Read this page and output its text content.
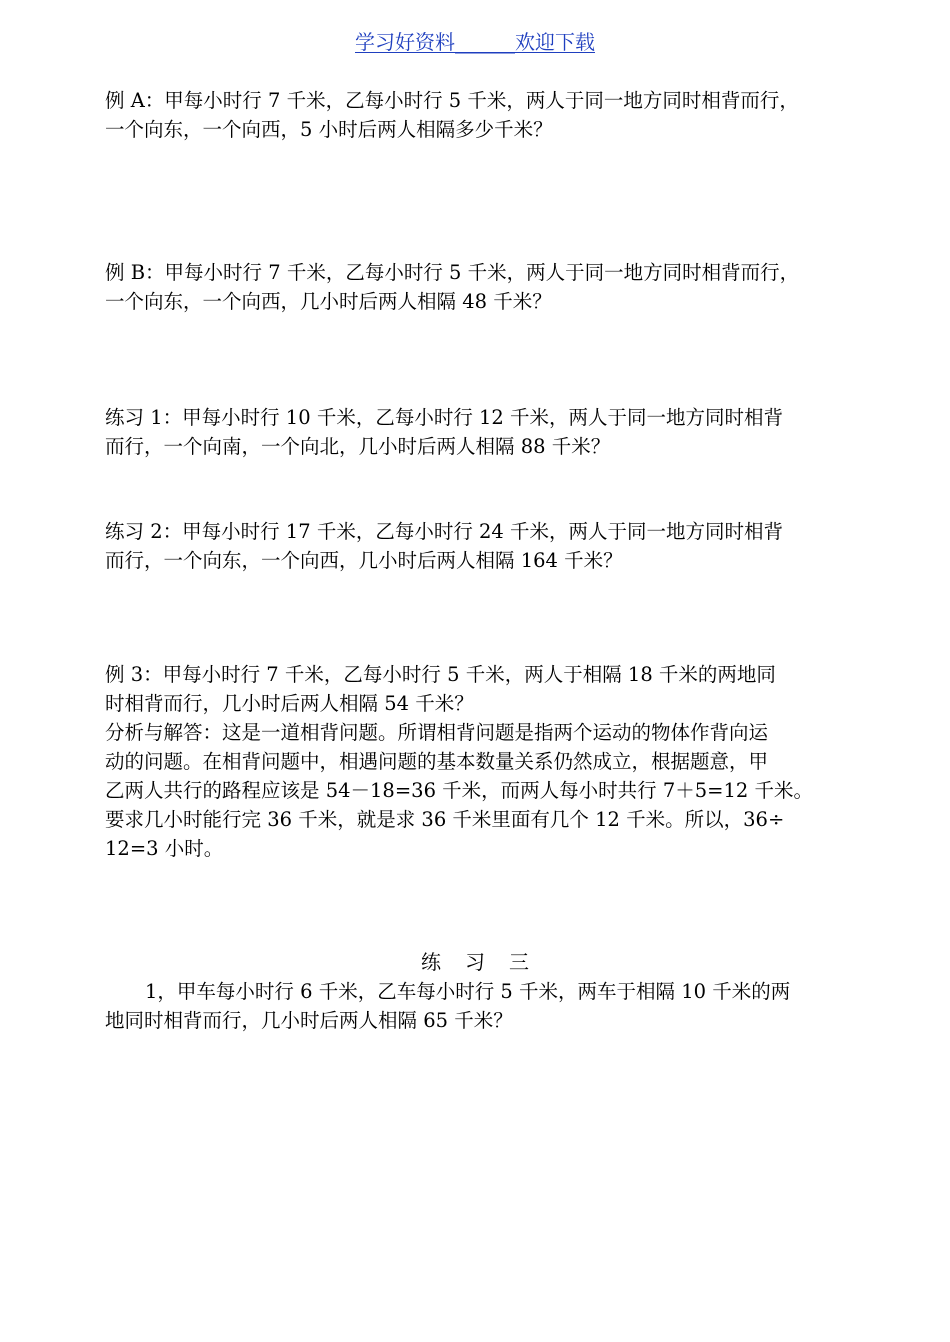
学习好资料______欢迎下载
例 A：甲每小时行 7 千米，乙每小时行 5 千米，两人于同一地方同时相背而行，
一个向东，一个向西，5 小时后两人相隔多少千米？
例 B：甲每小时行 7 千米，乙每小时行 5 千米，两人于同一地方同时相背而行，
一个向东，一个向西，几小时后两人相隔 48 千米？
练习 1：甲每小时行 10 千米，乙每小时行 12 千米，两人于同一地方同时相背
而行，一个向南，一个向北，几小时后两人相隔 88 千米？
练习 2：甲每小时行 17 千米，乙每小时行 24 千米，两人于同一地方同时相背
而行，一个向东，一个向西，几小时后两人相隔 164 千米？
例 3：甲每小时行 7 千米，乙每小时行 5 千米，两人于相隔 18 千米的两地同
时相背而行，几小时后两人相隔 54 千米？
分析与解答：这是一道相背问题。所谓相背问题是指两个运动的物体作背向运
动的问题。在相背问题中，相遇问题的基本数量关系仍然成立，根据题意，甲
乙两人共行的路程应该是 54－18=36 千米，而两人每小时共行 7＋5=12 千米。
要求几小时能行完 36 千米，就是求 36 千米里面有几个 12 千米。所以，36÷
12=3 小时。
练习三
1，甲车每小时行 6 千米，乙车每小时行 5 千米，两车于相隔 10 千米的两
地同时相背而行，几小时后两人相隔 65 千米？
